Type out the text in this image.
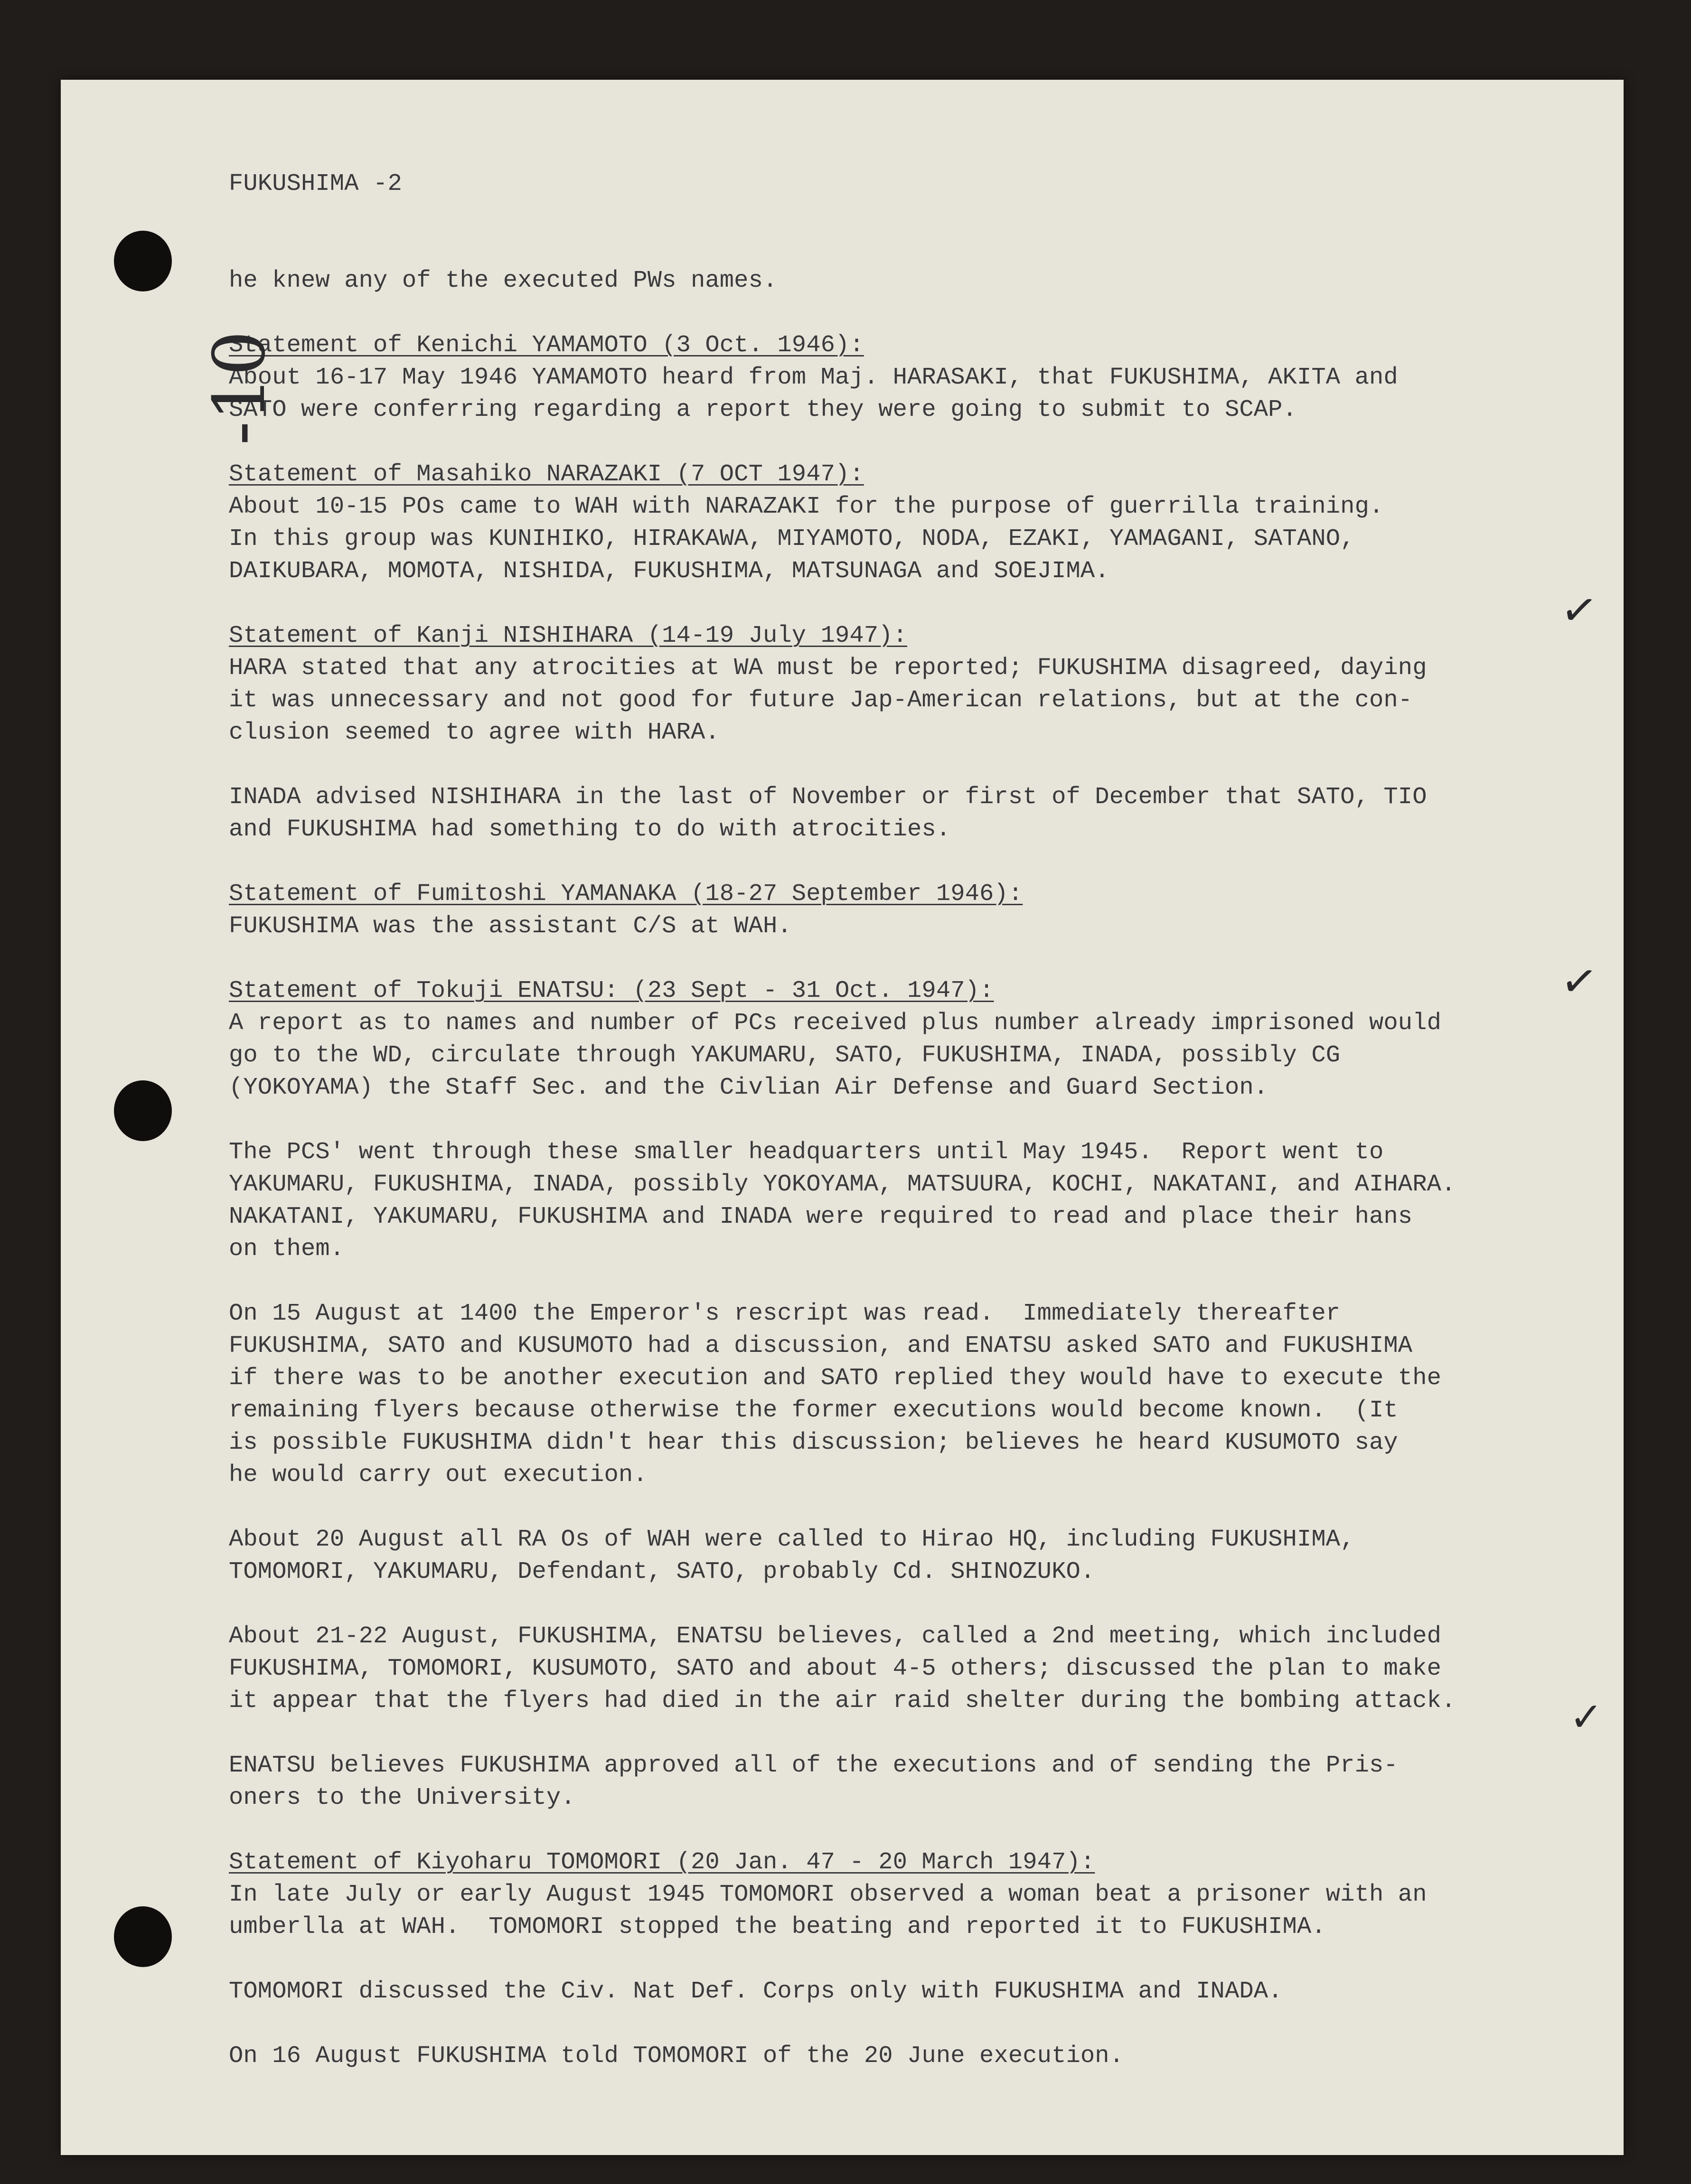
FUKUSHIMA -2

he knew any of the executed PWs names.
Statement of Kenichi YAMAMOTO (3 Oct. 1946):
About 16-17 May 1946 YAMAMOTO heard from Maj. HARASAKI, that FUKUSHIMA, AKITA and
SATO were conferring regarding a report they were going to submit to SCAP.
Statement of Masahiko NARAZAKI (7 OCT 1947):
About 10-15 POs came to WAH with NARAZAKI for the purpose of guerrilla training.
In this group was KUNIHIKO, HIRAKAWA, MIYAMOTO, NODA, EZAKI, YAMAGANI, SATANO,
DAIKUBARA, MOMOTA, NISHIDA, FUKUSHIMA, MATSUNAGA and SOEJIMA.
Statement of Kanji NISHIHARA (14-19 July 1947):
HARA stated that any atrocities at WA must be reported; FUKUSHIMA disagreed, daying
it was unnecessary and not good for future Jap-American relations, but at the con-
clusion seemed to agree with HARA.
INADA advised NISHIHARA in the last of November or first of December that SATO, TIO
and FUKUSHIMA had something to do with atrocities.
Statement of Fumitoshi YAMANAKA (18-27 September 1946):
FUKUSHIMA was the assistant C/S at WAH.
Statement of Tokuji ENATSU: (23 Sept - 31 Oct. 1947):
A report as to names and number of PCs received plus number already imprisoned would
go to the WD, circulate through YAKUMARU, SATO, FUKUSHIMA, INADA, possibly CG
(YOKOYAMA) the Staff Sec. and the Civlian Air Defense and Guard Section.
The PCS' went through these smaller headquarters until May 1945.  Report went to
YAKUMARU, FUKUSHIMA, INADA, possibly YOKOYAMA, MATSUURA, KOCHI, NAKATANI, and AIHARA.
NAKATANI, YAKUMARU, FUKUSHIMA and INADA were required to read and place their hans
on them.
On 15 August at 1400 the Emperor's rescript was read.  Immediately thereafter
FUKUSHIMA, SATO and KUSUMOTO had a discussion, and ENATSU asked SATO and FUKUSHIMA
if there was to be another execution and SATO replied they would have to execute the
remaining flyers because otherwise the former executions would become known.  (It
is possible FUKUSHIMA didn't hear this discussion; believes he heard KUSUMOTO say
he would carry out execution.
About 20 August all RA Os of WAH were called to Hirao HQ, including FUKUSHIMA,
TOMOMORI, YAKUMARU, Defendant, SATO, probably Cd. SHINOZUKO.
About 21-22 August, FUKUSHIMA, ENATSU believes, called a 2nd meeting, which included
FUKUSHIMA, TOMOMORI, KUSUMOTO, SATO and about 4-5 others; discussed the plan to make
it appear that the flyers had died in the air raid shelter during the bombing attack.
ENATSU believes FUKUSHIMA approved all of the executions and of sending the Pris-
oners to the University.
Statement of Kiyoharu TOMOMORI (20 Jan. 47 - 20 March 1947):
In late July or early August 1945 TOMOMORI observed a woman beat a prisoner with an
umberlla at WAH.  TOMOMORI stopped the beating and reported it to FUKUSHIMA.
TOMOMORI discussed the Civ. Nat Def. Corps only with FUKUSHIMA and INADA.
On 16 August FUKUSHIMA told TOMOMORI of the 20 June execution.

-10
✓
✓
✓
